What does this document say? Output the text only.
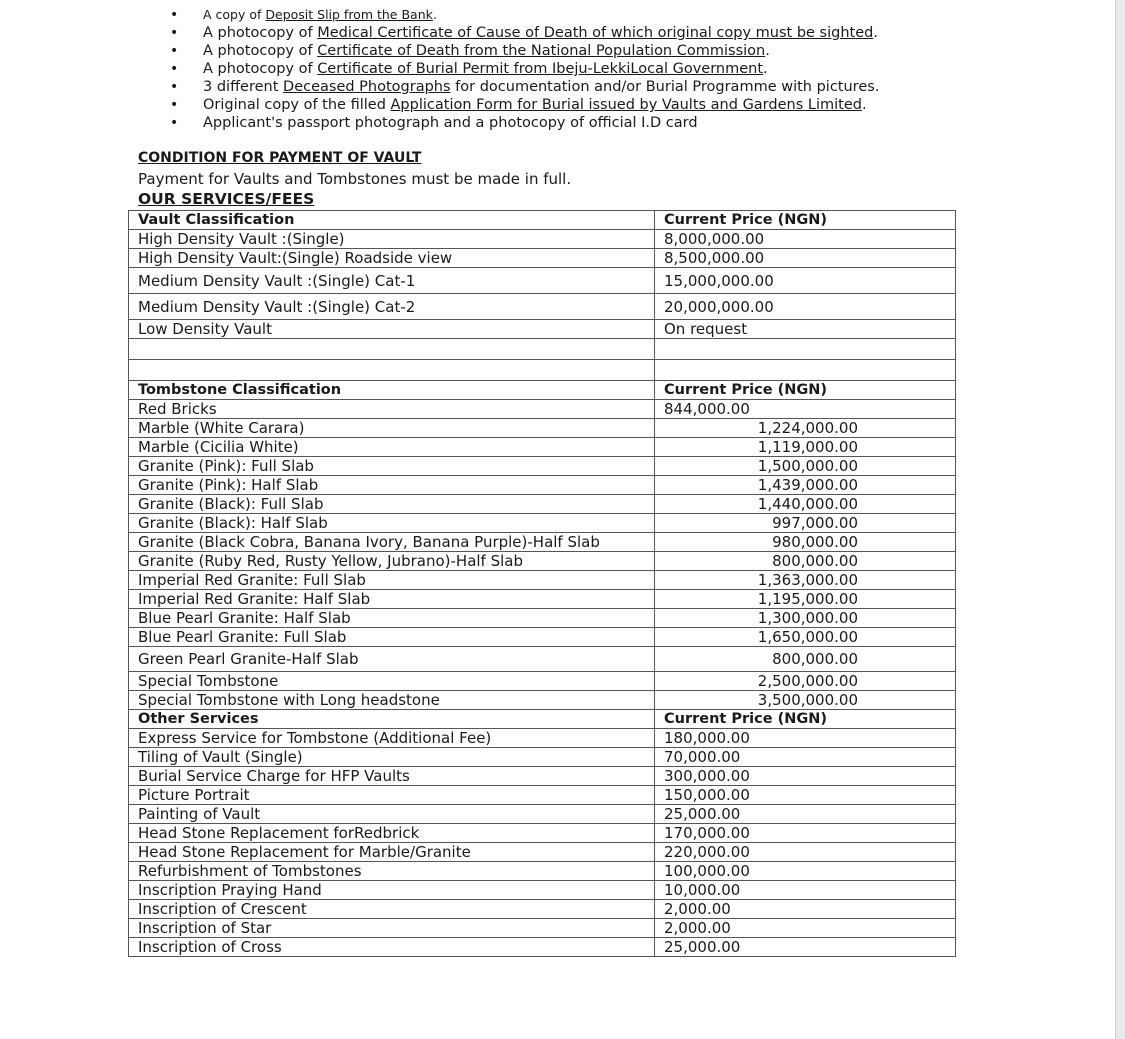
A copy of Deposit Slip from the Bank.
A photocopy of Medical Certificate of Cause of Death of which original copy must be sighted.
A photocopy of Certificate of Death from the National Population Commission.
A photocopy of Certificate of Burial Permit from Ibeju-LekkiLocal Government.
3 different Deceased Photographs for documentation and/or Burial Programme with pictures.
Original copy of the filled Application Form for Burial issued by Vaults and Gardens Limited.
Applicant's passport photograph and a photocopy of official I.D card
CONDITION FOR PAYMENT OF VAULT
Payment for Vaults and Tombstones must be made in full.
OUR SERVICES/FEES
Vault Classification	Current Price (NGN)
High Density Vault :(Single)	8,000,000.00
High Density Vault:(Single) Roadside view	8,500,000.00
Medium Density Vault :(Single) Cat-1	15,000,000.00
Medium Density Vault :(Single) Cat-2	20,000,000.00
Low Density Vault	On request

Tombstone Classification	Current Price (NGN)
Red Bricks	844,000.00
Marble (White Carara)	1,224,000.00
Marble (Cicilia White)	1,119,000.00
Granite (Pink): Full Slab	1,500,000.00
Granite (Pink): Half Slab	1,439,000.00
Granite (Black): Full Slab	1,440,000.00
Granite (Black): Half Slab	997,000.00
Granite (Black Cobra, Banana Ivory, Banana Purple)-Half Slab	980,000.00
Granite (Ruby Red, Rusty Yellow, Jubrano)-Half Slab	800,000.00
Imperial Red Granite: Full Slab	1,363,000.00
Imperial Red Granite: Half Slab	1,195,000.00
Blue Pearl Granite: Half Slab	1,300,000.00
Blue Pearl Granite: Full Slab	1,650,000.00
Green Pearl Granite-Half Slab	800,000.00
Special Tombstone	2,500,000.00
Special Tombstone with Long headstone	3,500,000.00
Other Services	Current Price (NGN)
Express Service for Tombstone (Additional Fee)	180,000.00
Tiling of Vault (Single)	70,000.00
Burial Service Charge for HFP Vaults	300,000.00
Picture Portrait	150,000.00
Painting of Vault	25,000.00
Head Stone Replacement forRedbrick	170,000.00
Head Stone Replacement for Marble/Granite	220,000.00
Refurbishment of Tombstones	100,000.00
Inscription Praying Hand	10,000.00
Inscription of Crescent	2,000.00
Inscription of Star	2,000.00
Inscription of Cross	25,000.00
